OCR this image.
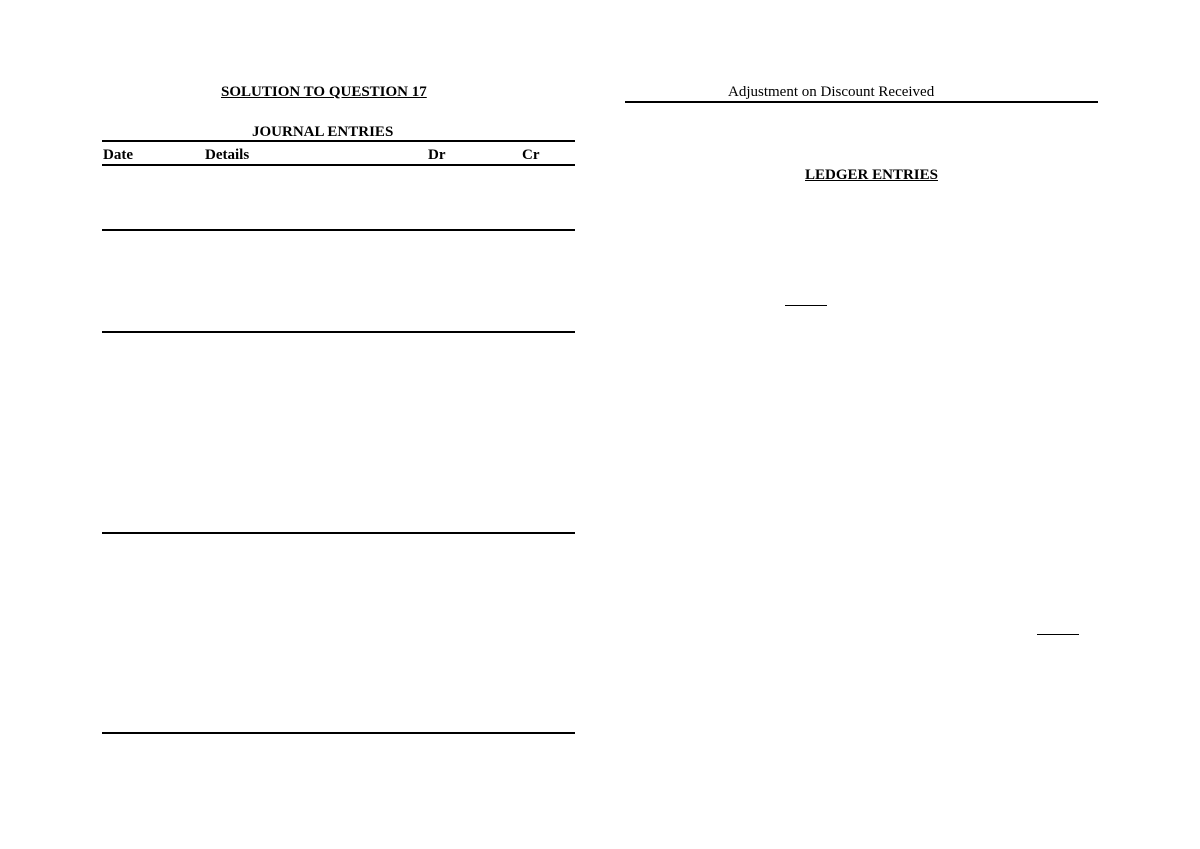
SOLUTION TO QUESTION 17
JOURNAL ENTRIES
Date	Details	Dr	Cr
Adjustment on Discount Received
LEDGER ENTRIES
